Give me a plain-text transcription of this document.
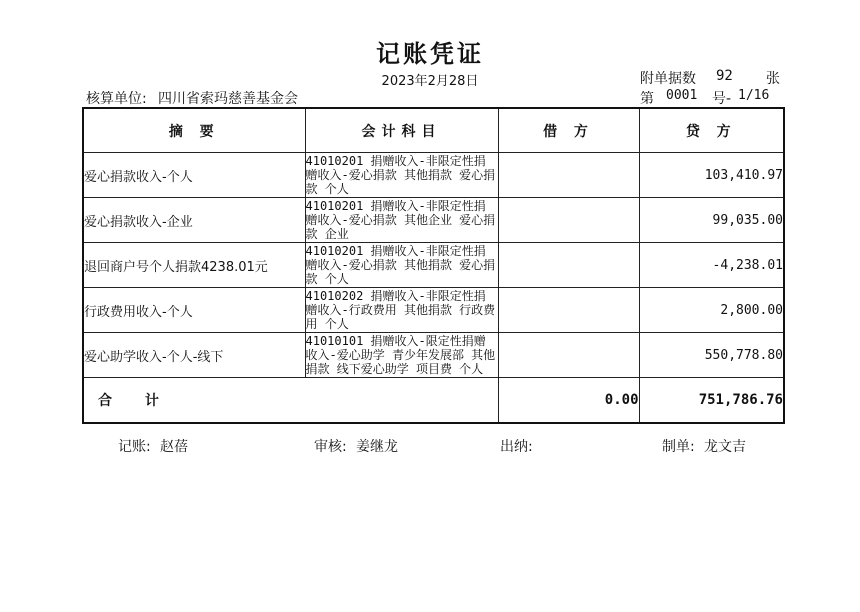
记账凭证
2023年2月28日	附单据数 92 张
核算单位: 四川省索玛慈善基金会	第 0001 号- 1/16
摘 要	会计科目	借 方	贷 方
爱心捐款收入-个人	41010201 捐赠收入-非限定性捐赠收入-爱心捐款 其他捐款 爱心捐款 个人		103,410.97
爱心捐款收入-企业	41010201 捐赠收入-非限定性捐赠收入-爱心捐款 其他企业 爱心捐款 企业		99,035.00
退回商户号个人捐款4238.01元	41010201 捐赠收入-非限定性捐赠收入-爱心捐款 其他捐款 爱心捐款 个人		-4,238.01
行政费用收入-个人	41010202 捐赠收入-非限定性捐赠收入-行政费用 其他捐款 行政费用 个人		2,800.00
爱心助学收入-个人-线下	41010101 捐赠收入-限定性捐赠收入-爱心助学 青少年发展部 其他捐款 线下爱心助学 项目费 个人		550,778.80
合 计		0.00	751,786.76
记账: 赵蓓	审核: 姜继龙	出纳:	制单: 龙文吉
